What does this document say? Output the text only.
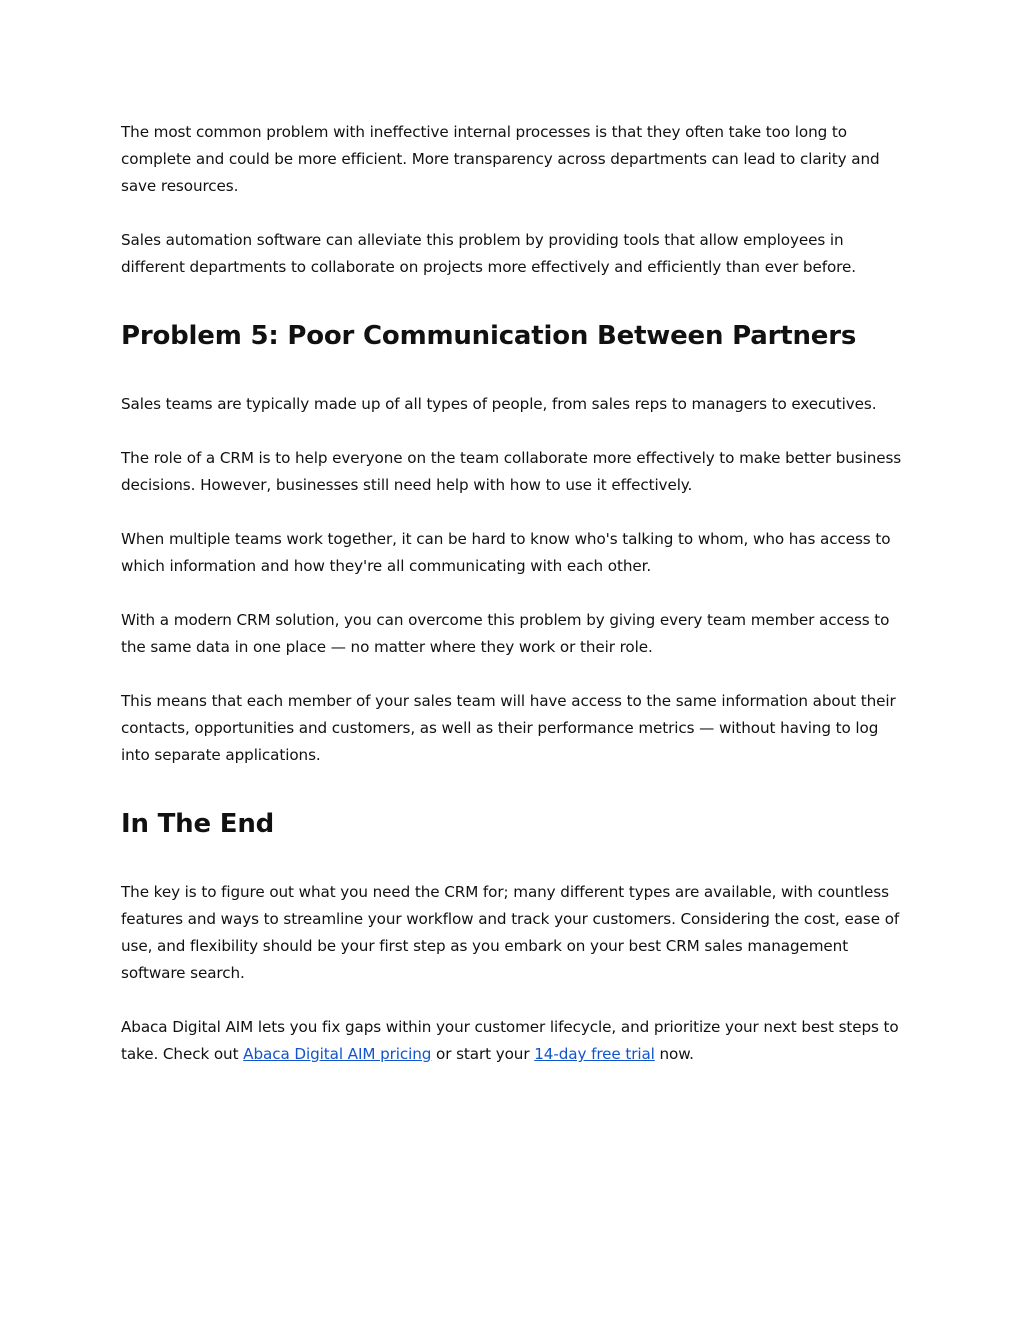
The most common problem with ineffective internal processes is that they often take too long to complete and could be more efficient. More transparency across departments can lead to clarity and save resources.

Sales automation software can alleviate this problem by providing tools that allow employees in different departments to collaborate on projects more effectively and efficiently than ever before.

Problem 5: Poor Communication Between Partners

Sales teams are typically made up of all types of people, from sales reps to managers to executives.

The role of a CRM is to help everyone on the team collaborate more effectively to make better business decisions. However, businesses still need help with how to use it effectively.

When multiple teams work together, it can be hard to know who's talking to whom, who has access to which information and how they're all communicating with each other.

With a modern CRM solution, you can overcome this problem by giving every team member access to the same data in one place — no matter where they work or their role.

This means that each member of your sales team will have access to the same information about their contacts, opportunities and customers, as well as their performance metrics — without having to log into separate applications.

In The End

The key is to figure out what you need the CRM for; many different types are available, with countless features and ways to streamline your workflow and track your customers. Considering the cost, ease of use, and flexibility should be your first step as you embark on your best CRM sales management software search.

Abaca Digital AIM lets you fix gaps within your customer lifecycle, and prioritize your next best steps to take. Check out Abaca Digital AIM pricing or start your 14-day free trial now.
